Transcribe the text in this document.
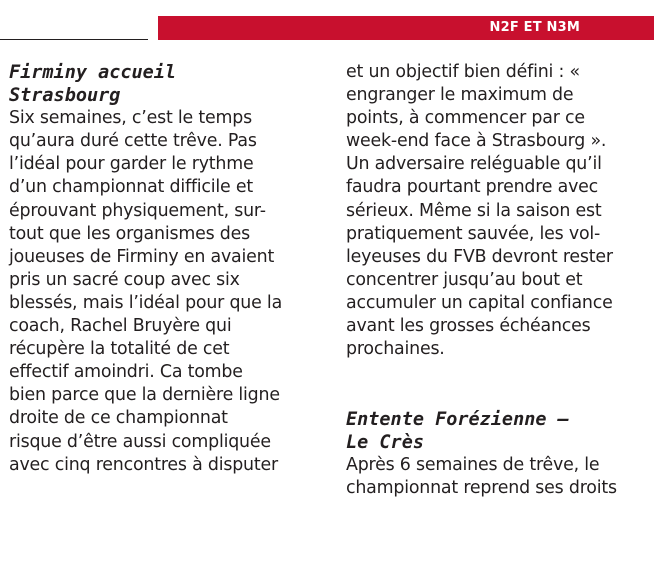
N2F ET N3M
Firminy accueil
Strasbourg
Six semaines, c’est le temps
qu’aura duré cette trêve. Pas
l’idéal pour garder le rythme
d’un championnat difficile et
éprouvant physiquement, sur-
tout que les organismes des
joueuses de Firminy en avaient
pris un sacré coup avec six
blessés, mais l’idéal pour que la
coach, Rachel Bruyère qui
récupère la totalité de cet
effectif amoindri. Ca tombe
bien parce que la dernière ligne
droite de ce championnat
risque d’être aussi compliquée
avec cinq rencontres à disputer
et un objectif bien défini : «
engranger le maximum de
points, à commencer par ce
week-end face à Strasbourg ».
Un adversaire reléguable qu’il
faudra pourtant prendre avec
sérieux. Même si la saison est
pratiquement sauvée, les vol-
leyeuses du FVB devront rester
concentrer jusqu’au bout et
accumuler un capital confiance
avant les grosses échéances
prochaines.
Entente Forézienne –
Le Crès
Après 6 semaines de trêve, le
championnat reprend ses droits
